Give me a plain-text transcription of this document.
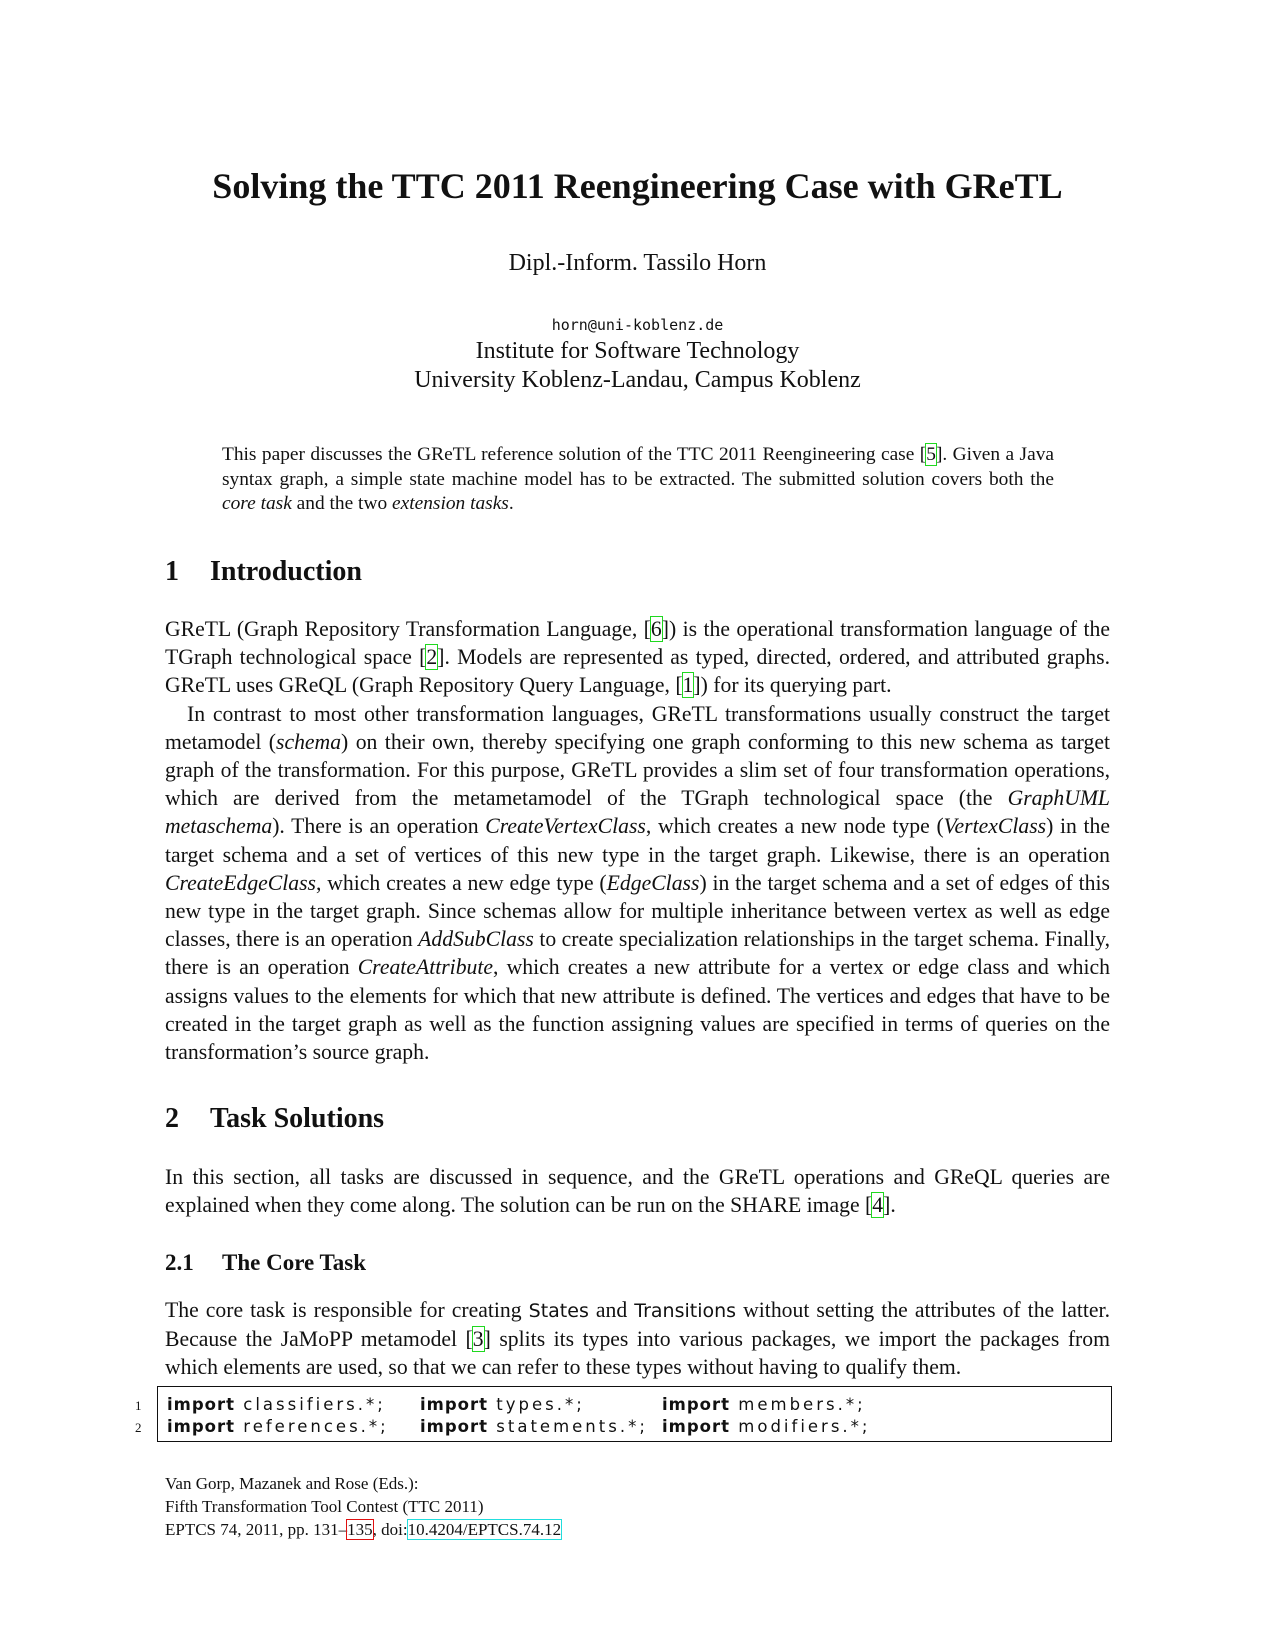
Solving the TTC 2011 Reengineering Case with GReTL
Dipl.-Inform. Tassilo Horn
horn@uni-koblenz.de
Institute for Software Technology
University Koblenz-Landau, Campus Koblenz

This paper discusses the GReTL reference solution of the TTC 2011 Reengineering case [5]. Given a Java syntax graph, a simple state machine model has to be extracted. The submitted solution covers both the core task and the two extension tasks.

1 Introduction

GReTL (Graph Repository Transformation Language, [6]) is the operational transformation language of the TGraph technological space [2]. Models are represented as typed, directed, ordered, and attributed graphs. GReTL uses GReQL (Graph Repository Query Language, [1]) for its querying part.

In contrast to most other transformation languages, GReTL transformations usually construct the target metamodel (schema) on their own, thereby specifying one graph conforming to this new schema as target graph of the transformation. For this purpose, GReTL provides a slim set of four transformation operations, which are derived from the metametamodel of the TGraph technological space (the GraphUML metaschema). There is an operation CreateVertexClass, which creates a new node type (VertexClass) in the target schema and a set of vertices of this new type in the target graph. Likewise, there is an operation CreateEdgeClass, which creates a new edge type (EdgeClass) in the target schema and a set of edges of this new type in the target graph. Since schemas allow for multiple inheritance between vertex as well as edge classes, there is an operation AddSubClass to create specialization relationships in the target schema. Finally, there is an operation CreateAttribute, which creates a new attribute for a vertex or edge class and which assigns values to the elements for which that new attribute is defined. The vertices and edges that have to be created in the target graph as well as the function assigning values are specified in terms of queries on the transformation’s source graph.

2 Task Solutions

In this section, all tasks are discussed in sequence, and the GReTL operations and GReQL queries are explained when they come along. The solution can be run on the SHARE image [4].

2.1 The Core Task

The core task is responsible for creating States and Transitions without setting the attributes of the latter. Because the JaMoPP metamodel [3] splits its types into various packages, we import the packages from which elements are used, so that we can refer to these types without having to qualify them.

1
2
import classifiers.*; import types.*;	import members.*;
import references.*; import statements.*; import modifiers.*;
Van Gorp, Mazanek and Rose (Eds.):
Fifth Transformation Tool Contest (TTC 2011)
EPTCS 74, 2011, pp. 131–135, doi:10.4204/EPTCS.74.12
